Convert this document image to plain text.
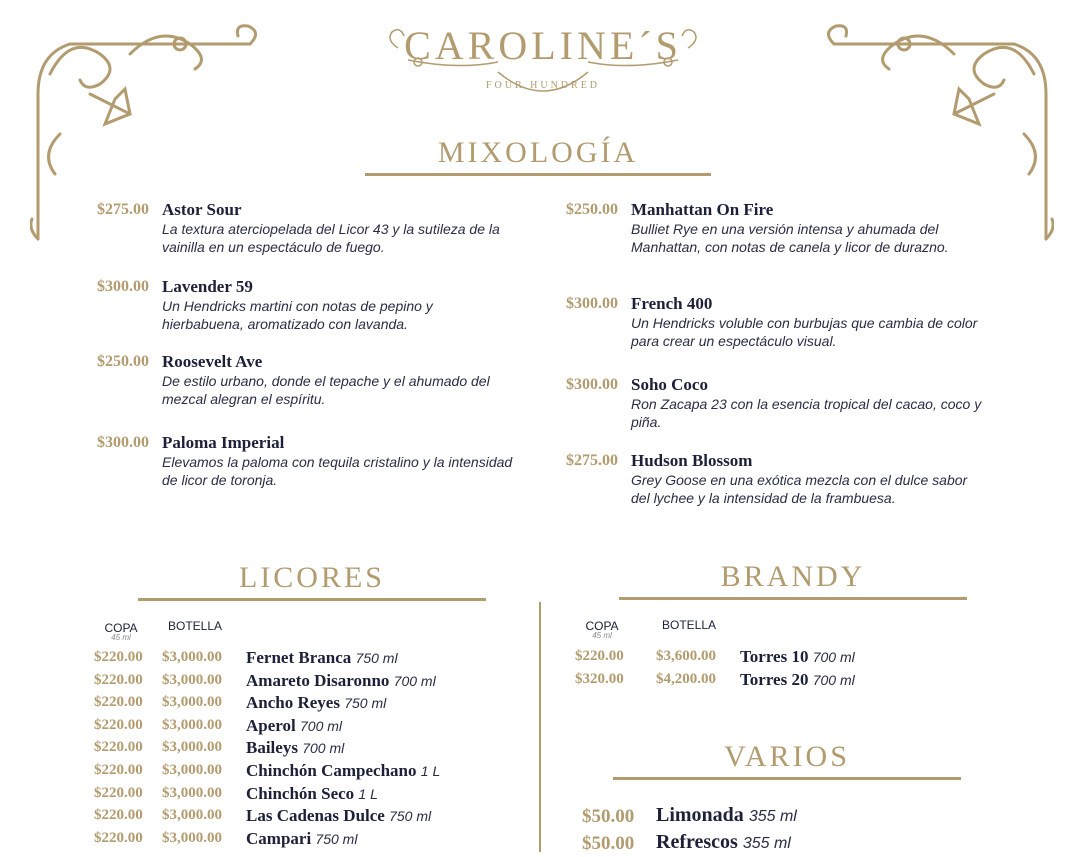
CAROLINE´S
FOUR HUNDRED
MIXOLOGÍA
$275.00 Astor Sour
La textura aterciopelada del Licor 43 y la sutileza de la vainilla en un espectáculo de fuego.
$300.00 Lavender 59
Un Hendricks martini con notas de pepino y hierbabuena, aromatizado con lavanda.
$250.00 Roosevelt Ave
De estilo urbano, donde el tepache y el ahumado del mezcal alegran el espíritu.
$300.00 Paloma Imperial
Elevamos la paloma con tequila cristalino y la intensidad de licor de toronja.
$250.00 Manhattan On Fire
Bulliet Rye en una versión intensa y ahumada del Manhattan, con notas de canela y licor de durazno.
$300.00 French 400
Un Hendricks voluble con burbujas que cambia de color para crear un espectáculo visual.
$300.00 Soho Coco
Ron Zacapa 23 con la esencia tropical del cacao, coco y piña.
$275.00 Hudson Blossom
Grey Goose en una exótica mezcla con el dulce sabor del lychee y la intensidad de la frambuesa.
LICORES
COPA
45 ml
BOTELLA
$220.00 $3,000.00 Fernet Branca 750 ml
$220.00 $3,000.00 Amareto Disaronno 700 ml
$220.00 $3,000.00 Ancho Reyes 750 ml
$220.00 $3,000.00 Aperol 700 ml
$220.00 $3,000.00 Baileys 700 ml
$220.00 $3,000.00 Chinchón Campechano 1 L
$220.00 $3,000.00 Chinchón Seco 1 L
$220.00 $3,000.00 Las Cadenas Dulce 750 ml
$220.00 $3,000.00 Campari 750 ml
BRANDY
COPA
45 ml
BOTELLA
$220.00 $3,600.00 Torres 10 700 ml
$320.00 $4,200.00 Torres 20 700 ml
VARIOS
$50.00 Limonada 355 ml
$50.00 Refrescos 355 ml
